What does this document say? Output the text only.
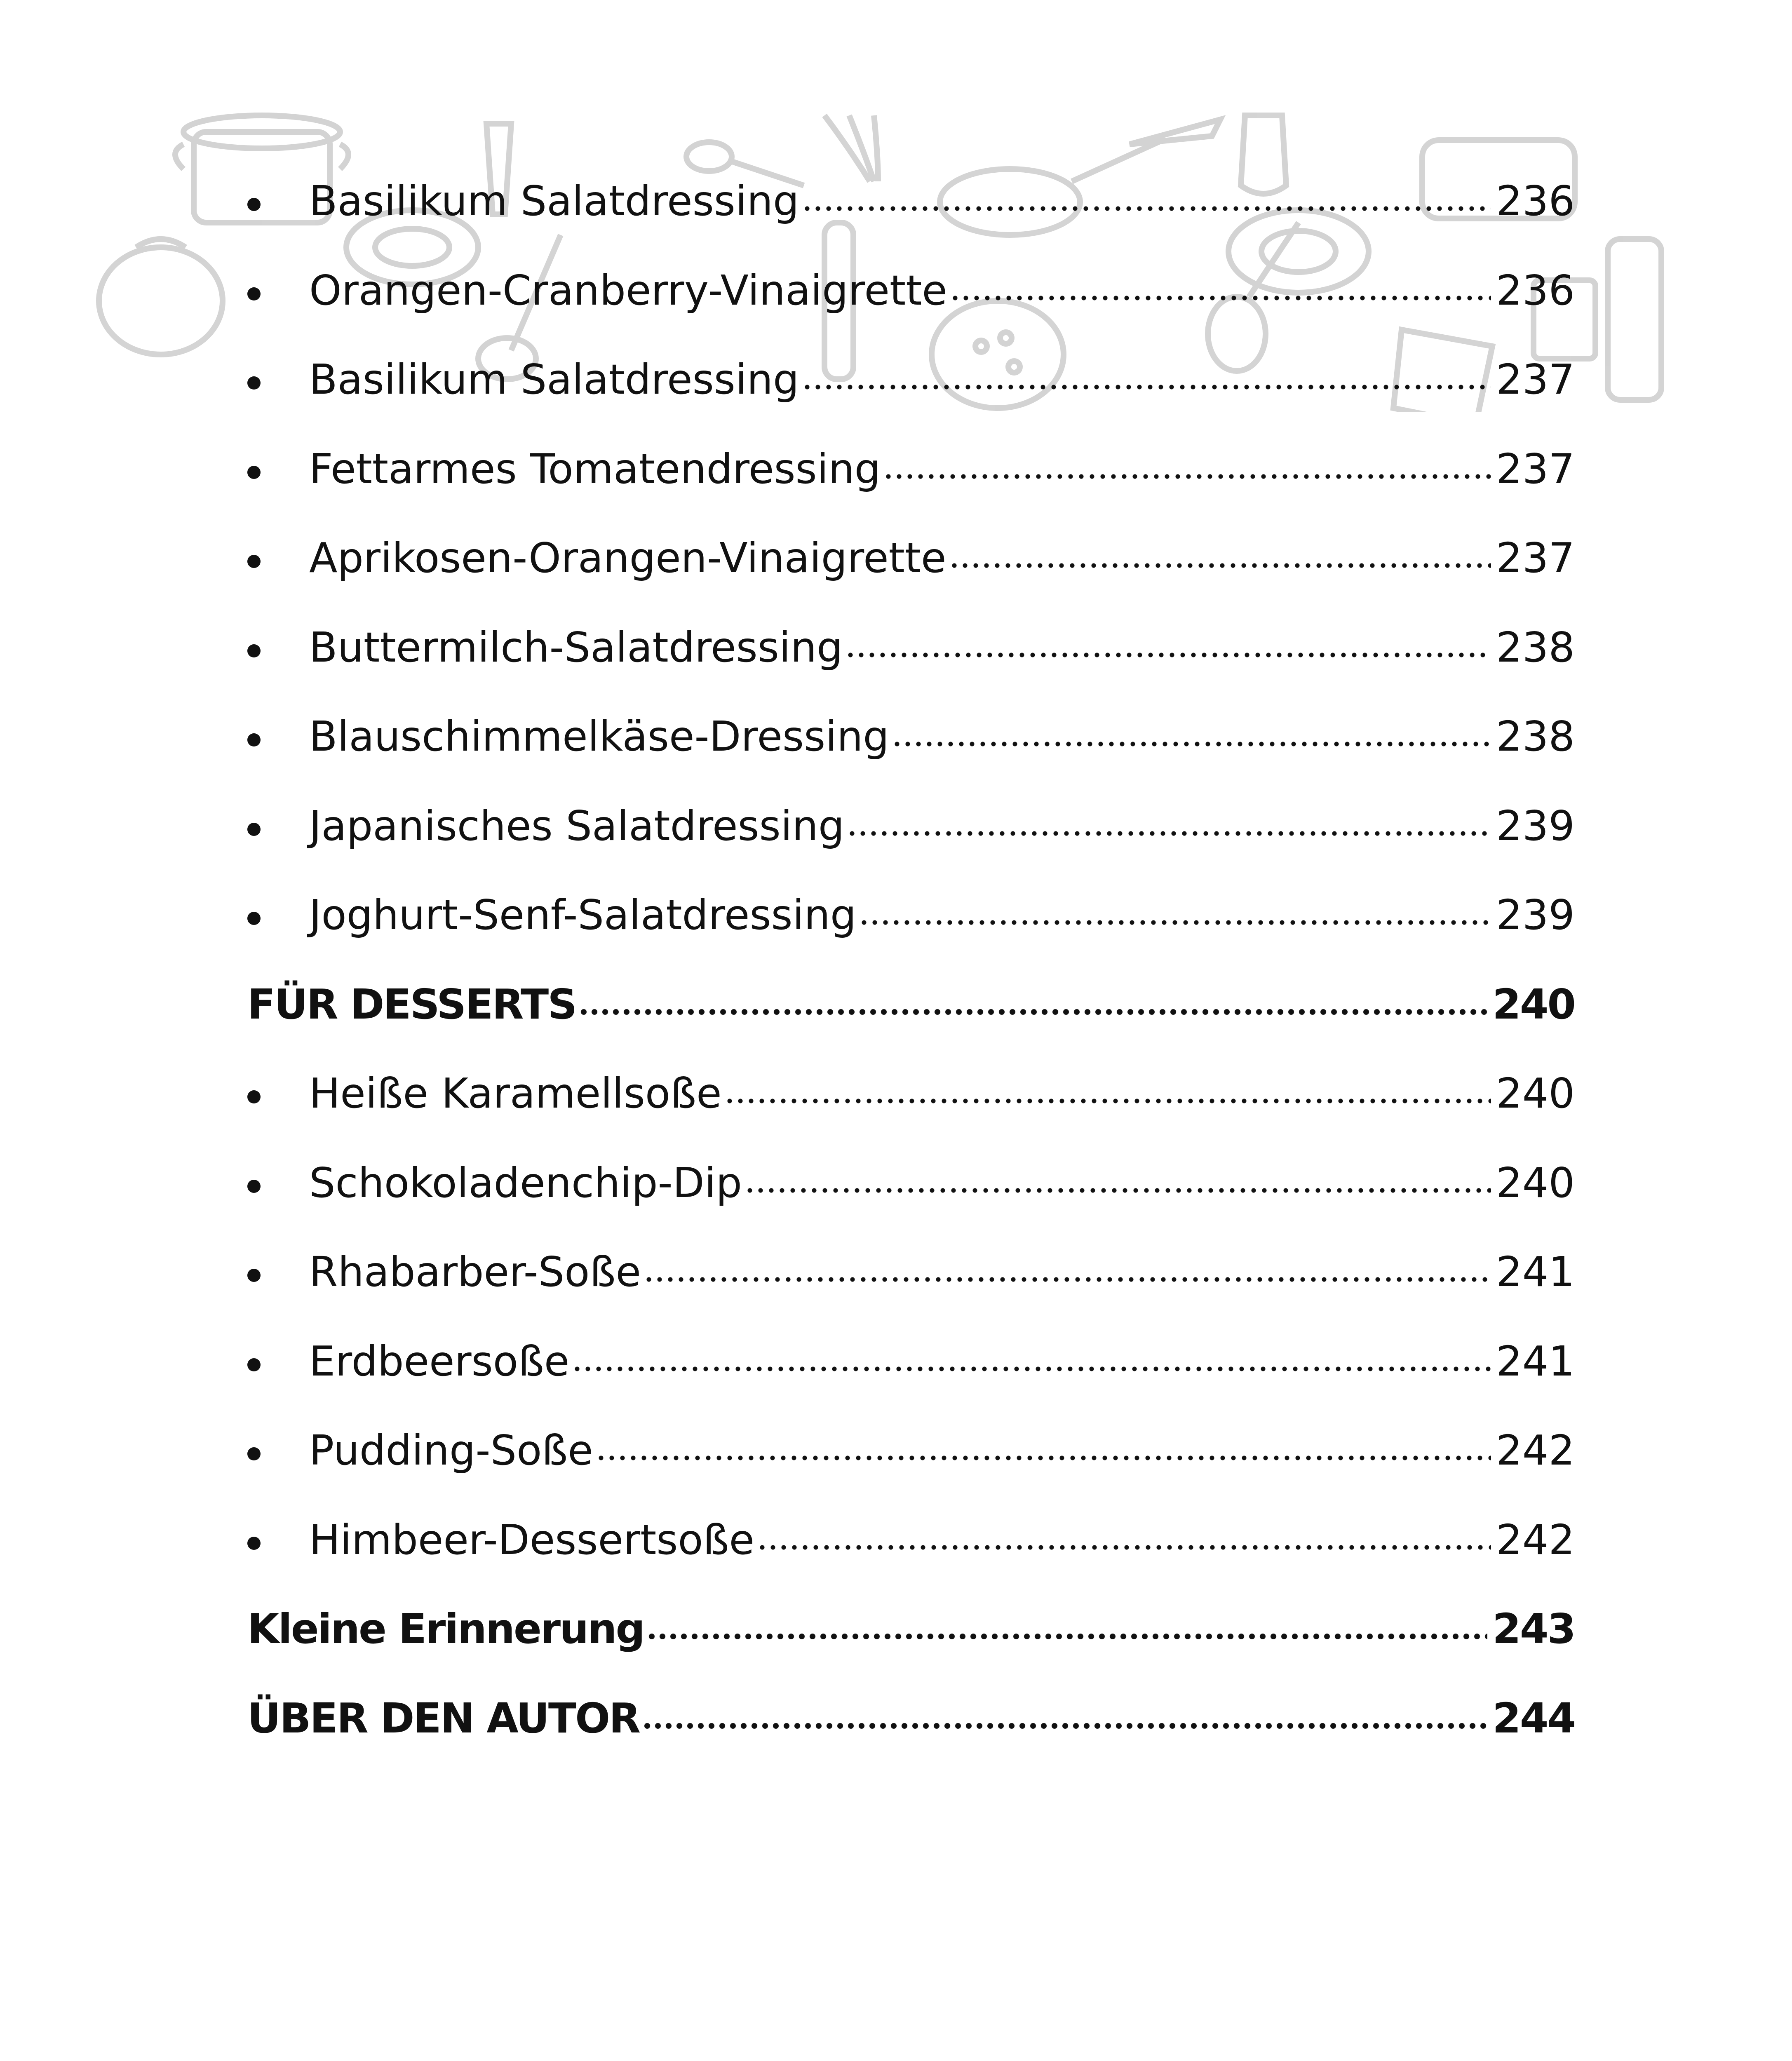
Basilikum Salatdressing	236
Orangen-Cranberry-Vinaigrette	236
Basilikum Salatdressing	237
Fettarmes Tomatendressing	237
Aprikosen-Orangen-Vinaigrette	237
Buttermilch-Salatdressing	238
Blauschimmelkäse-Dressing	238
Japanisches Salatdressing	239
Joghurt-Senf-Salatdressing	239
FÜR DESSERTS	240
Heiße Karamellsoße	240
Schokoladenchip-Dip	240
Rhabarber-Soße	241
Erdbeersoße	241
Pudding-Soße	242
Himbeer-Dessertsoße	242
Kleine Erinnerung	243
ÜBER DEN AUTOR	244
